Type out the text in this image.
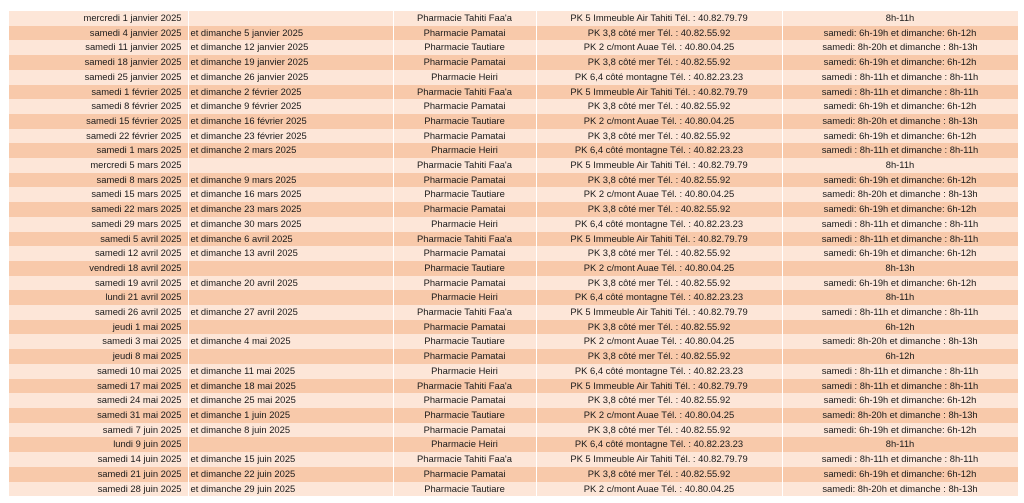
mercredi 1 janvier 2025		Pharmacie Tahiti Faa'a	PK 5 Immeuble Air Tahiti Tél. : 40.82.79.79	8h-11h
samedi 4 janvier 2025	et dimanche 5 janvier 2025	Pharmacie Pamatai	PK 3,8 côté mer Tél. : 40.82.55.92	samedi: 6h-19h et dimanche: 6h-12h
samedi 11 janvier 2025	et dimanche 12 janvier 2025	Pharmacie Tautiare	PK 2 c/mont Auae Tél. : 40.80.04.25	samedi: 8h-20h et dimanche : 8h-13h
samedi 18 janvier 2025	et dimanche 19 janvier 2025	Pharmacie Pamatai	PK 3,8 côté mer Tél. : 40.82.55.92	samedi: 6h-19h et dimanche: 6h-12h
samedi 25 janvier 2025	et dimanche 26 janvier 2025	Pharmacie Heiri	PK 6,4 côté montagne Tél. : 40.82.23.23	samedi : 8h-11h et dimanche : 8h-11h
samedi 1 février 2025	et dimanche 2 février 2025	Pharmacie Tahiti Faa'a	PK 5 Immeuble Air Tahiti Tél. : 40.82.79.79	samedi : 8h-11h et dimanche : 8h-11h
samedi 8 février 2025	et dimanche 9 février 2025	Pharmacie Pamatai	PK 3,8 côté mer Tél. : 40.82.55.92	samedi: 6h-19h et dimanche: 6h-12h
samedi 15 février 2025	et dimanche 16 février 2025	Pharmacie Tautiare	PK 2 c/mont Auae Tél. : 40.80.04.25	samedi: 8h-20h et dimanche : 8h-13h
samedi 22 février 2025	et dimanche 23 février 2025	Pharmacie Pamatai	PK 3,8 côté mer Tél. : 40.82.55.92	samedi: 6h-19h et dimanche: 6h-12h
samedi 1 mars 2025	et dimanche 2 mars 2025	Pharmacie Heiri	PK 6,4 côté montagne Tél. : 40.82.23.23	samedi : 8h-11h et dimanche : 8h-11h
mercredi 5 mars 2025		Pharmacie Tahiti Faa'a	PK 5 Immeuble Air Tahiti Tél. : 40.82.79.79	8h-11h
samedi 8 mars 2025	et dimanche 9 mars 2025	Pharmacie Pamatai	PK 3,8 côté mer Tél. : 40.82.55.92	samedi: 6h-19h et dimanche: 6h-12h
samedi 15 mars 2025	et dimanche 16 mars 2025	Pharmacie Tautiare	PK 2 c/mont Auae Tél. : 40.80.04.25	samedi: 8h-20h et dimanche : 8h-13h
samedi 22 mars 2025	et dimanche 23 mars 2025	Pharmacie Pamatai	PK 3,8 côté mer Tél. : 40.82.55.92	samedi: 6h-19h et dimanche: 6h-12h
samedi 29 mars 2025	et dimanche 30 mars 2025	Pharmacie Heiri	PK 6,4 côté montagne Tél. : 40.82.23.23	samedi : 8h-11h et dimanche : 8h-11h
samedi 5 avril 2025	et dimanche 6 avril 2025	Pharmacie Tahiti Faa'a	PK 5 Immeuble Air Tahiti Tél. : 40.82.79.79	samedi : 8h-11h et dimanche : 8h-11h
samedi 12 avril 2025	et dimanche 13 avril 2025	Pharmacie Pamatai	PK 3,8 côté mer Tél. : 40.82.55.92	samedi: 6h-19h et dimanche: 6h-12h
vendredi 18 avril 2025		Pharmacie Tautiare	PK 2 c/mont Auae Tél. : 40.80.04.25	8h-13h
samedi 19 avril 2025	et dimanche 20 avril 2025	Pharmacie Pamatai	PK 3,8 côté mer Tél. : 40.82.55.92	samedi: 6h-19h et dimanche: 6h-12h
lundi 21 avril 2025		Pharmacie Heiri	PK 6,4 côté montagne Tél. : 40.82.23.23	8h-11h
samedi 26 avril 2025	et dimanche 27 avril 2025	Pharmacie Tahiti Faa'a	PK 5 Immeuble Air Tahiti Tél. : 40.82.79.79	samedi : 8h-11h et dimanche : 8h-11h
jeudi 1 mai 2025		Pharmacie Pamatai	PK 3,8 côté mer Tél. : 40.82.55.92	6h-12h
samedi 3 mai 2025	et dimanche 4 mai 2025	Pharmacie Tautiare	PK 2 c/mont Auae Tél. : 40.80.04.25	samedi: 8h-20h et dimanche : 8h-13h
jeudi 8 mai 2025		Pharmacie Pamatai	PK 3,8 côté mer Tél. : 40.82.55.92	6h-12h
samedi 10 mai 2025	et dimanche 11 mai 2025	Pharmacie Heiri	PK 6,4 côté montagne Tél. : 40.82.23.23	samedi : 8h-11h et dimanche : 8h-11h
samedi 17 mai 2025	et dimanche 18 mai 2025	Pharmacie Tahiti Faa'a	PK 5 Immeuble Air Tahiti Tél. : 40.82.79.79	samedi : 8h-11h et dimanche : 8h-11h
samedi 24 mai 2025	et dimanche 25 mai 2025	Pharmacie Pamatai	PK 3,8 côté mer Tél. : 40.82.55.92	samedi: 6h-19h et dimanche: 6h-12h
samedi 31 mai 2025	et dimanche 1 juin 2025	Pharmacie Tautiare	PK 2 c/mont Auae Tél. : 40.80.04.25	samedi: 8h-20h et dimanche : 8h-13h
samedi 7 juin 2025	et dimanche 8 juin 2025	Pharmacie Pamatai	PK 3,8 côté mer Tél. : 40.82.55.92	samedi: 6h-19h et dimanche: 6h-12h
lundi 9 juin 2025		Pharmacie Heiri	PK 6,4 côté montagne Tél. : 40.82.23.23	8h-11h
samedi 14 juin 2025	et dimanche 15 juin 2025	Pharmacie Tahiti Faa'a	PK 5 Immeuble Air Tahiti Tél. : 40.82.79.79	samedi : 8h-11h et dimanche : 8h-11h
samedi 21 juin 2025	et dimanche 22 juin 2025	Pharmacie Pamatai	PK 3,8 côté mer Tél. : 40.82.55.92	samedi: 6h-19h et dimanche: 6h-12h
samedi 28 juin 2025	et dimanche 29 juin 2025	Pharmacie Tautiare	PK 2 c/mont Auae Tél. : 40.80.04.25	samedi: 8h-20h et dimanche : 8h-13h
